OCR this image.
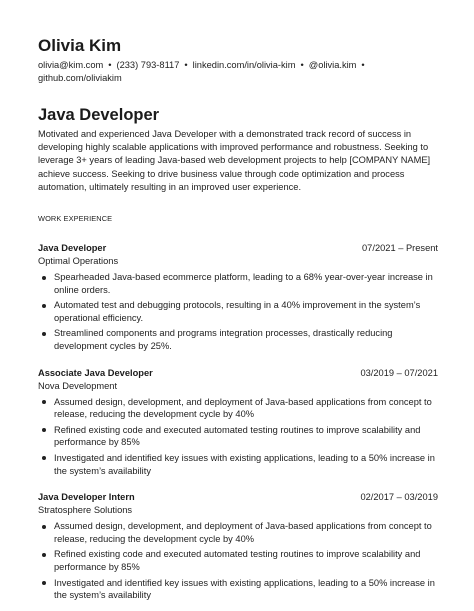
Olivia Kim
olivia@kim.com • (233) 793-8117 • linkedin.com/in/olivia-kim • @olivia.kim •
github.com/oliviakim
Java Developer
Motivated and experienced Java Developer with a demonstrated track record of success in developing highly scalable applications with improved performance and robustness. Seeking to leverage 3+ years of leading Java-based web development projects to help [COMPANY NAME] achieve success. Seeking to drive business value through code optimization and process automation, ultimately resulting in an improved user experience.
WORK EXPERIENCE
Java Developer	07/2021 – Present
Optimal Operations
Spearheaded Java-based ecommerce platform, leading to a 68% year-over-year increase in online orders.
Automated test and debugging protocols, resulting in a 40% improvement in the system’s operational efficiency.
Streamlined components and programs integration processes, drastically reducing development cycles by 25%.
Associate Java Developer	03/2019 – 07/2021
Nova Development
Assumed design, development, and deployment of Java-based applications from concept to release, reducing the development cycle by 40%
Refined existing code and executed automated testing routines to improve scalability and performance by 85%
Investigated and identified key issues with existing applications, leading to a 50% increase in the system’s availability
Java Developer Intern	02/2017 – 03/2019
Stratosphere Solutions
Assumed design, development, and deployment of Java-based applications from concept to release, reducing the development cycle by 40%
Refined existing code and executed automated testing routines to improve scalability and performance by 85%
Investigated and identified key issues with existing applications, leading to a 50% increase in the system’s availability
